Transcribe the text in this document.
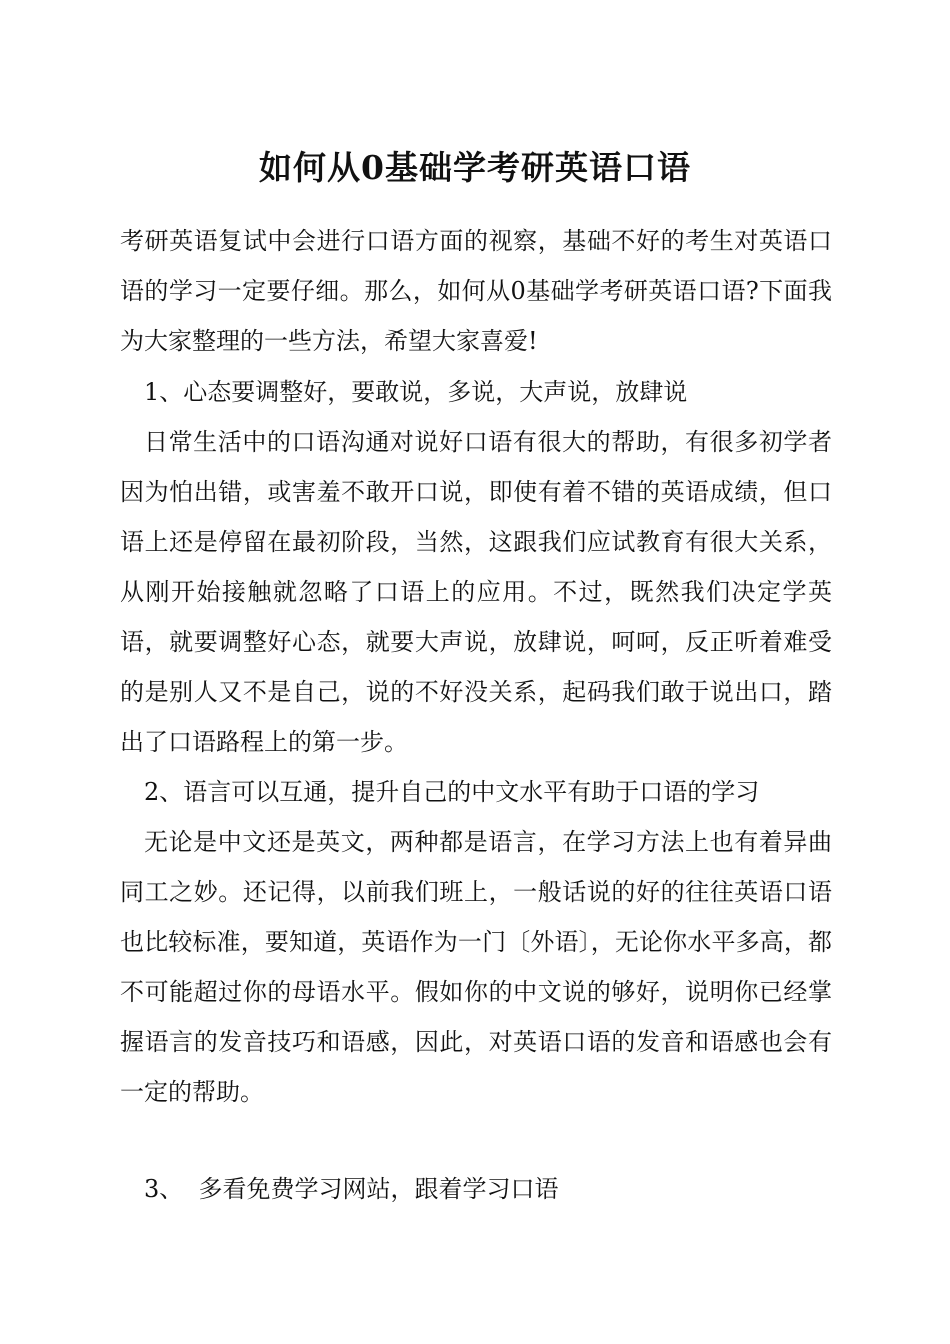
如何从0基础学考研英语口语

考研英语复试中会进行口语方面的视察，基础不好的考生对英语口语的学习一定要仔细。那么，如何从0基础学考研英语口语?下面我为大家整理的一些方法，希望大家喜爱!

1、心态要调整好，要敢说，多说，大声说，放肆说

日常生活中的口语沟通对说好口语有很大的帮助，有很多初学者因为怕出错，或害羞不敢开口说，即使有着不错的英语成绩，但口语上还是停留在最初阶段，当然，这跟我们应试教育有很大关系，从刚开始接触就忽略了口语上的应用。不过，既然我们决定学英语，就要调整好心态，就要大声说，放肆说，呵呵，反正听着难受的是别人又不是自己，说的不好没关系，起码我们敢于说出口，踏出了口语路程上的第一步。

2、语言可以互通，提升自己的中文水平有助于口语的学习

无论是中文还是英文，两种都是语言，在学习方法上也有着异曲同工之妙。还记得，以前我们班上，一般话说的好的往往英语口语也比较标准，要知道，英语作为一门〔外语〕，无论你水平多高，都不可能超过你的母语水平。假如你的中文说的够好，说明你已经掌握语言的发音技巧和语感，因此，对英语口语的发音和语感也会有一定的帮助。

3、  多看免费学习网站，跟着学习口语
